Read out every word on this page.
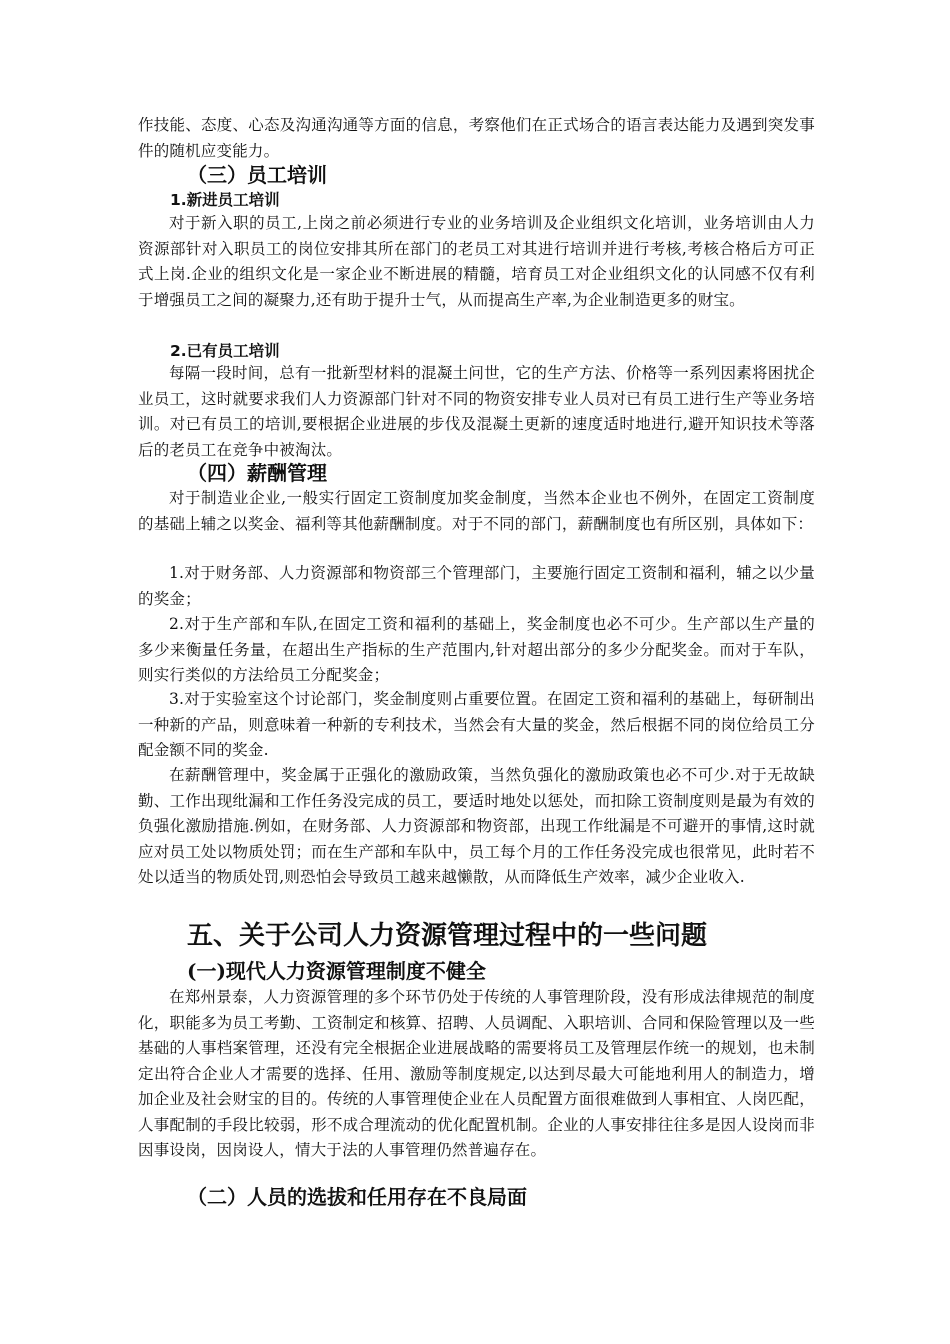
作技能、态度、心态及沟通沟通等方面的信息，考察他们在正式场合的语言表达能力及遇到突发事件的随机应变能力。

（三）员工培训
1.新进员工培训

对于新入职的员工,上岗之前必须进行专业的业务培训及企业组织文化培训，业务培训由人力资源部针对入职员工的岗位安排其所在部门的老员工对其进行培训并进行考核,考核合格后方可正式上岗.企业的组织文化是一家企业不断进展的精髓，培育员工对企业组织文化的认同感不仅有利于增强员工之间的凝聚力,还有助于提升士气，从而提高生产率,为企业制造更多的财宝。

2.已有员工培训

每隔一段时间，总有一批新型材料的混凝土问世，它的生产方法、价格等一系列因素将困扰企业员工，这时就要求我们人力资源部门针对不同的物资安排专业人员对已有员工进行生产等业务培训。对已有员工的培训,要根据企业进展的步伐及混凝土更新的速度适时地进行,避开知识技术等落后的老员工在竞争中被淘汰。

（四）薪酬管理

对于制造业企业,一般实行固定工资制度加奖金制度，当然本企业也不例外，在固定工资制度的基础上辅之以奖金、福利等其他薪酬制度。对于不同的部门，薪酬制度也有所区别，具体如下：

1.对于财务部、人力资源部和物资部三个管理部门，主要施行固定工资制和福利，辅之以少量的奖金；

2.对于生产部和车队,在固定工资和福利的基础上，奖金制度也必不可少。生产部以生产量的多少来衡量任务量，在超出生产指标的生产范围内,针对超出部分的多少分配奖金。而对于车队，则实行类似的方法给员工分配奖金；

3.对于实验室这个讨论部门，奖金制度则占重要位置。在固定工资和福利的基础上，每研制出一种新的产品，则意味着一种新的专利技术，当然会有大量的奖金，然后根据不同的岗位给员工分配金额不同的奖金.

在薪酬管理中，奖金属于正强化的激励政策，当然负强化的激励政策也必不可少.对于无故缺勤、工作出现纰漏和工作任务没完成的员工，要适时地处以惩处，而扣除工资制度则是最为有效的负强化激励措施.例如，在财务部、人力资源部和物资部，出现工作纰漏是不可避开的事情,这时就应对员工处以物质处罚；而在生产部和车队中，员工每个月的工作任务没完成也很常见，此时若不处以适当的物质处罚,则恐怕会导致员工越来越懒散，从而降低生产效率，减少企业收入.

五、关于公司人力资源管理过程中的一些问题
(一)现代人力资源管理制度不健全

在郑州景泰，人力资源管理的多个环节仍处于传统的人事管理阶段，没有形成法律规范的制度化，职能多为员工考勤、工资制定和核算、招聘、人员调配、入职培训、合同和保险管理以及一些基础的人事档案管理，还没有完全根据企业进展战略的需要将员工及管理层作统一的规划，也未制定出符合企业人才需要的选择、任用、激励等制度规定,以达到尽最大可能地利用人的制造力，增加企业及社会财宝的目的。传统的人事管理使企业在人员配置方面很难做到人事相宜、人岗匹配，人事配制的手段比较弱，形不成合理流动的优化配置机制。企业的人事安排往往多是因人设岗而非因事设岗，因岗设人，情大于法的人事管理仍然普遍存在。

（二）人员的选拔和任用存在不良局面
